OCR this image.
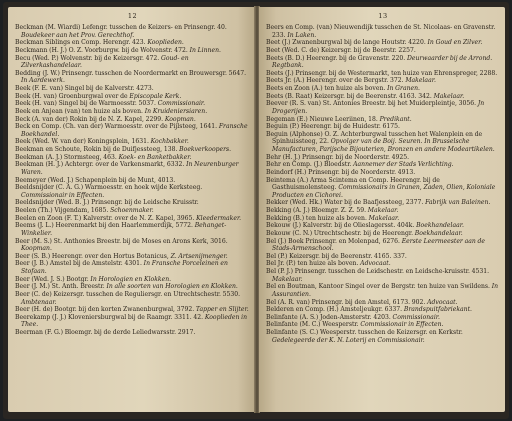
12
Beckman (M. Wiardi) Lefengr. tusschen de Keizers- en Prinsengr. 40. Boudekeer aan het Prov. Gerechthof.
Beckman Siblings en Comp. Herengr. 423. Kooplieden.
Beckmann (H. J.) O. Z. Voorburgw. bij de Wolvenstr. 472. In Linnen.
Becu (Wed. P.) Wolvenstr. bij de Keizersgr. 472. Goud- en Zilverkashandelaar.
Bedding (J. W.) Prinsengr. tusschen de Noordermarkt en Brouwersgr. 5647. In Aardewerk.
Beek (F. E. van) Singel bij de Kalverstr. 4273.
Beek (H. van) Groenburgwal over de Episcopale Kerk.
Beek (H. van) Singel bij de Warmoesstr. 5037. Commissionair.
Beek en Anjean (van) ten huize als boven. In Kruideniersiaren.
Beck (A. van der) Rokin bij de N. Z. Kapel, 2299. Koopman.
Beck en Comp. (Ch. van der) Warmoesstr. over de Pijlsteeg, 1641. Fransche Boekhandel.
Beek (Wed. W. van der) Koningsplein, 1631. Kochbakker.
Beekman en Schoute, Rokin bij de Duifjessteeg, 138. Boekverkoopers.
Beekman (A. J.) Stormsteeg, 463. Koek- en Banketbakker.
Beekman (H. J.) Achtergr. over de Varkensmarkt, 6332. In Neurenburger Waren.
Beemeyer (Wed. J.) Schapenplein bij de Munt, 4013.
Beeldsnijder (C. A. G.) Warmoesstr. en hoek wijde Kerksteeg. Commissionair in Effecten.
Beeldsnijder (Wed. B. J.) Prinsengr. bij de Leidsche Kruisstr.
Beelen (Th.) Vijgendam, 1685. Schoenmaker.
Beelen en Zoon (F. T.) Kalverstr. over de N. Z. Kapel, 3965. Kleedermaker.
Beems (J. L.) Heerenmarkt bij den Haarlemmerdijk, 5772. Behanget-Winkelier.
Beer (M. S.) St. Anthonies Breestr. bij de Moses en Arons Kerk, 3016. Koopman.
Beer (S. B.) Heerengr. over den Hortus Botanicus, Z. Artsenijmenger.
Beer (J. B.) Amstel bij de Amstelstr. 4301. In Fransche Porceleinen en Stofaan.
Beer (Wed. J. S.) Bootgr. In Horologien en Klokken.
Beer (J. M.) St. Anth. Breestr. In alle soorten van Horologien en Klokken.
Beer (C. de) Keizersgr. tusschen de Reguliersgr. en Utrechtschestr. 5530. Ambtenaar.
Beer (H. de) Bootgr. bij den korten Zwanenburgwal, 3792. Tapper en Slijter.
Beerekamp (J. J.) Kloveniersburgwal bij de Raamgr. 3311. 42. Kooplieden in Thee.
Beerman (F. G.) Bloemgr. bij de derde Leliedwarsstr. 2917.
13
Beers en Comp. (van) Nieuwendijk tusschen de St. Nicolaas- en Gravenstr. 233. In Laken.
Beet (J.) Zwanenburgwal bij de lange Houtstr. 4220. In Goud en Zilver.
Beet (Wed. C. de) Keizersgr. bij de Beerstr. 2257.
Beets (B. D.) Heerengr. bij de Gravenstr. 220. Deurwaarder bij de Arrond. Regtbank.
Beets (J.) Prinsengr. bij de Westermarkt, ten huize van Ehrenspreger, 2288.
Beets Jr. (A.) Heerengr. over de Bergstr. 372. Makelaar.
Beets en Zoon (A.) ten huize als boven. In Granen.
Beets (B. Raat) Keizersgr. bij de Beerenstr. 4163. 342. Makelaar.
Beever (R. S. van) St. Antonies Breestr. bij het Muiderpleintje, 3056. Jn Drogerijen.
Begeman (E.) Nieuwe Leeriinen, 18. Predikant.
Beguin (P.) Heerengr. bij de Huidestr. 6175.
Beguin (Alphonse) O. Z. Achterburgwal tusschen het Walenplein en de Spinhuissteeg, 22. Opvolger van de Boij. Seuren. In Brusselsche Manufacturen, Parijsche Bijouterien, Bronzen en andere Modeartikelen.
Behr (H. J.) Prinsengr. bij de Noorderstr. 4925.
Behr en Comp. (J.) Bloedstr. Aannemer der Stads Verlichting.
Beindorf (H.) Prinsengr. bij de Noorderstr. 4913.
Beintema (A.) Arma Scintema en Comp. Heerengr. bij de Gasthuismolensteeg. Commissionairs in Granen, Zaden, Olien, Koloniale Producten en Cichorei.
Bekker (Wed. Hk.) Water bij de Baafjessteeg, 2377. Fabrijk van Baleinen.
Bekking (A. J.) Bloemgr. Z. Z. 59. Makelaar.
Bekking (B.) ten huize als boven. Makelaar.
Bekouw (J.) Kalverstr. bij de Olieslagersst. 404k. Boekhandelaar.
Bekouw (C. N.) Utrechtschestr. bij de Heerengr. Boekhandelaar.
Bel (J.) Boek Prinsengr. en Molenpad, 6276. Eerste Leermeester aan de Stads-Armenschool.
Bel (P.) Keizersgr. bij de Beerenstr. 4165. 337.
Bel Jr. (P.) ten huize als boven. Advocaat.
Bel (P. J.) Prinsengr. tusschen de Leidschestr. en Leidsche-kruisstr. 4531. Makelaar.
Bel en Boutman, Kantoor Singel over de Bergstr. ten huize van Swildens. In Assurantien.
Bel (A. R. van) Prinsengr. bij den Amstel, 6173. 902. Advocaat.
Belderen en Comp. (H.) Amsteljeukgr. 6337. Brandspuitfabriekant.
Belinfante (A. S.) Joden-Amsterstr. 4203. Commissionair.
Belinfante (M. C.) Weesperstr. Commissionair in Effecten.
Belinfante (S. C.) Weesperstr. tusschen de Keizersgr. en Kerkstr. Gedelegeerde der K. N. Loterij en Commissionair.
